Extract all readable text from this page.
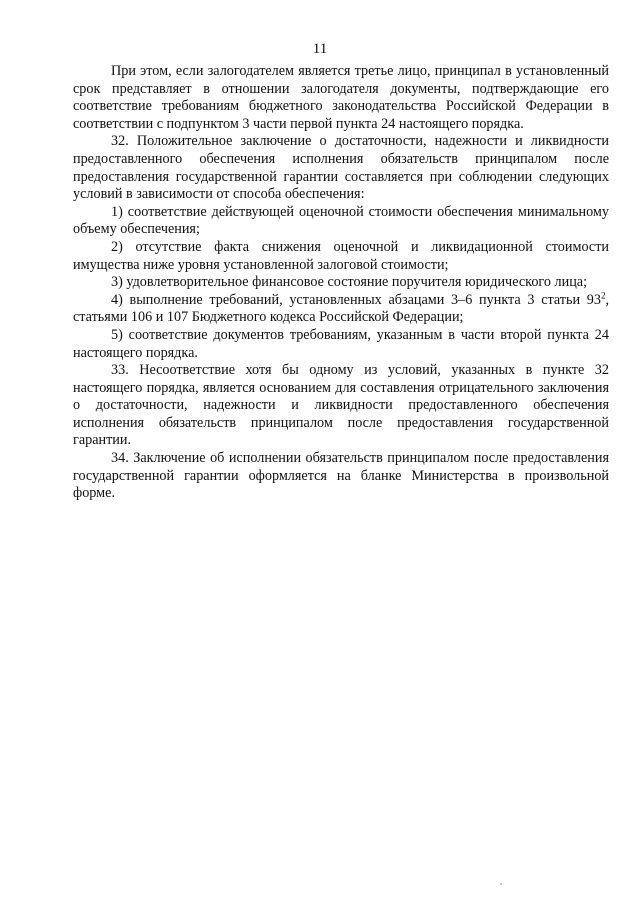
11

При этом, если залогодателем является третье лицо, принципал в установленный срок представляет в отношении залогодателя документы, подтверждающие его соответствие требованиям бюджетного законодательства Российской Федерации в соответствии с подпунктом 3 части первой пункта 24 настоящего порядка.

32. Положительное заключение о достаточности, надежности и ликвидности предоставленного обеспечения исполнения обязательств принципалом после предоставления государственной гарантии составляется при соблюдении следующих условий в зависимости от способа обеспечения:

1) соответствие действующей оценочной стоимости обеспечения минимальному объему обеспечения;

2) отсутствие факта снижения оценочной и ликвидационной стоимости имущества ниже уровня установленной залоговой стоимости;

3) удовлетворительное финансовое состояние поручителя юридического лица;

4) выполнение требований, установленных абзацами 3–6 пункта 3 статьи $93^2$, статьями 106 и 107 Бюджетного кодекса Российской Федерации;

5) соответствие документов требованиям, указанным в части второй пункта 24 настоящего порядка.

33. Несоответствие хотя бы одному из условий, указанных в пункте 32 настоящего порядка, является основанием для составления отрицательного заключения о достаточности, надежности и ликвидности предоставленного обеспечения исполнения обязательств принципалом после предоставления государственной гарантии.

34. Заключение об исполнении обязательств принципалом после предоставления государственной гарантии оформляется на бланке Министерства в произвольной форме.
